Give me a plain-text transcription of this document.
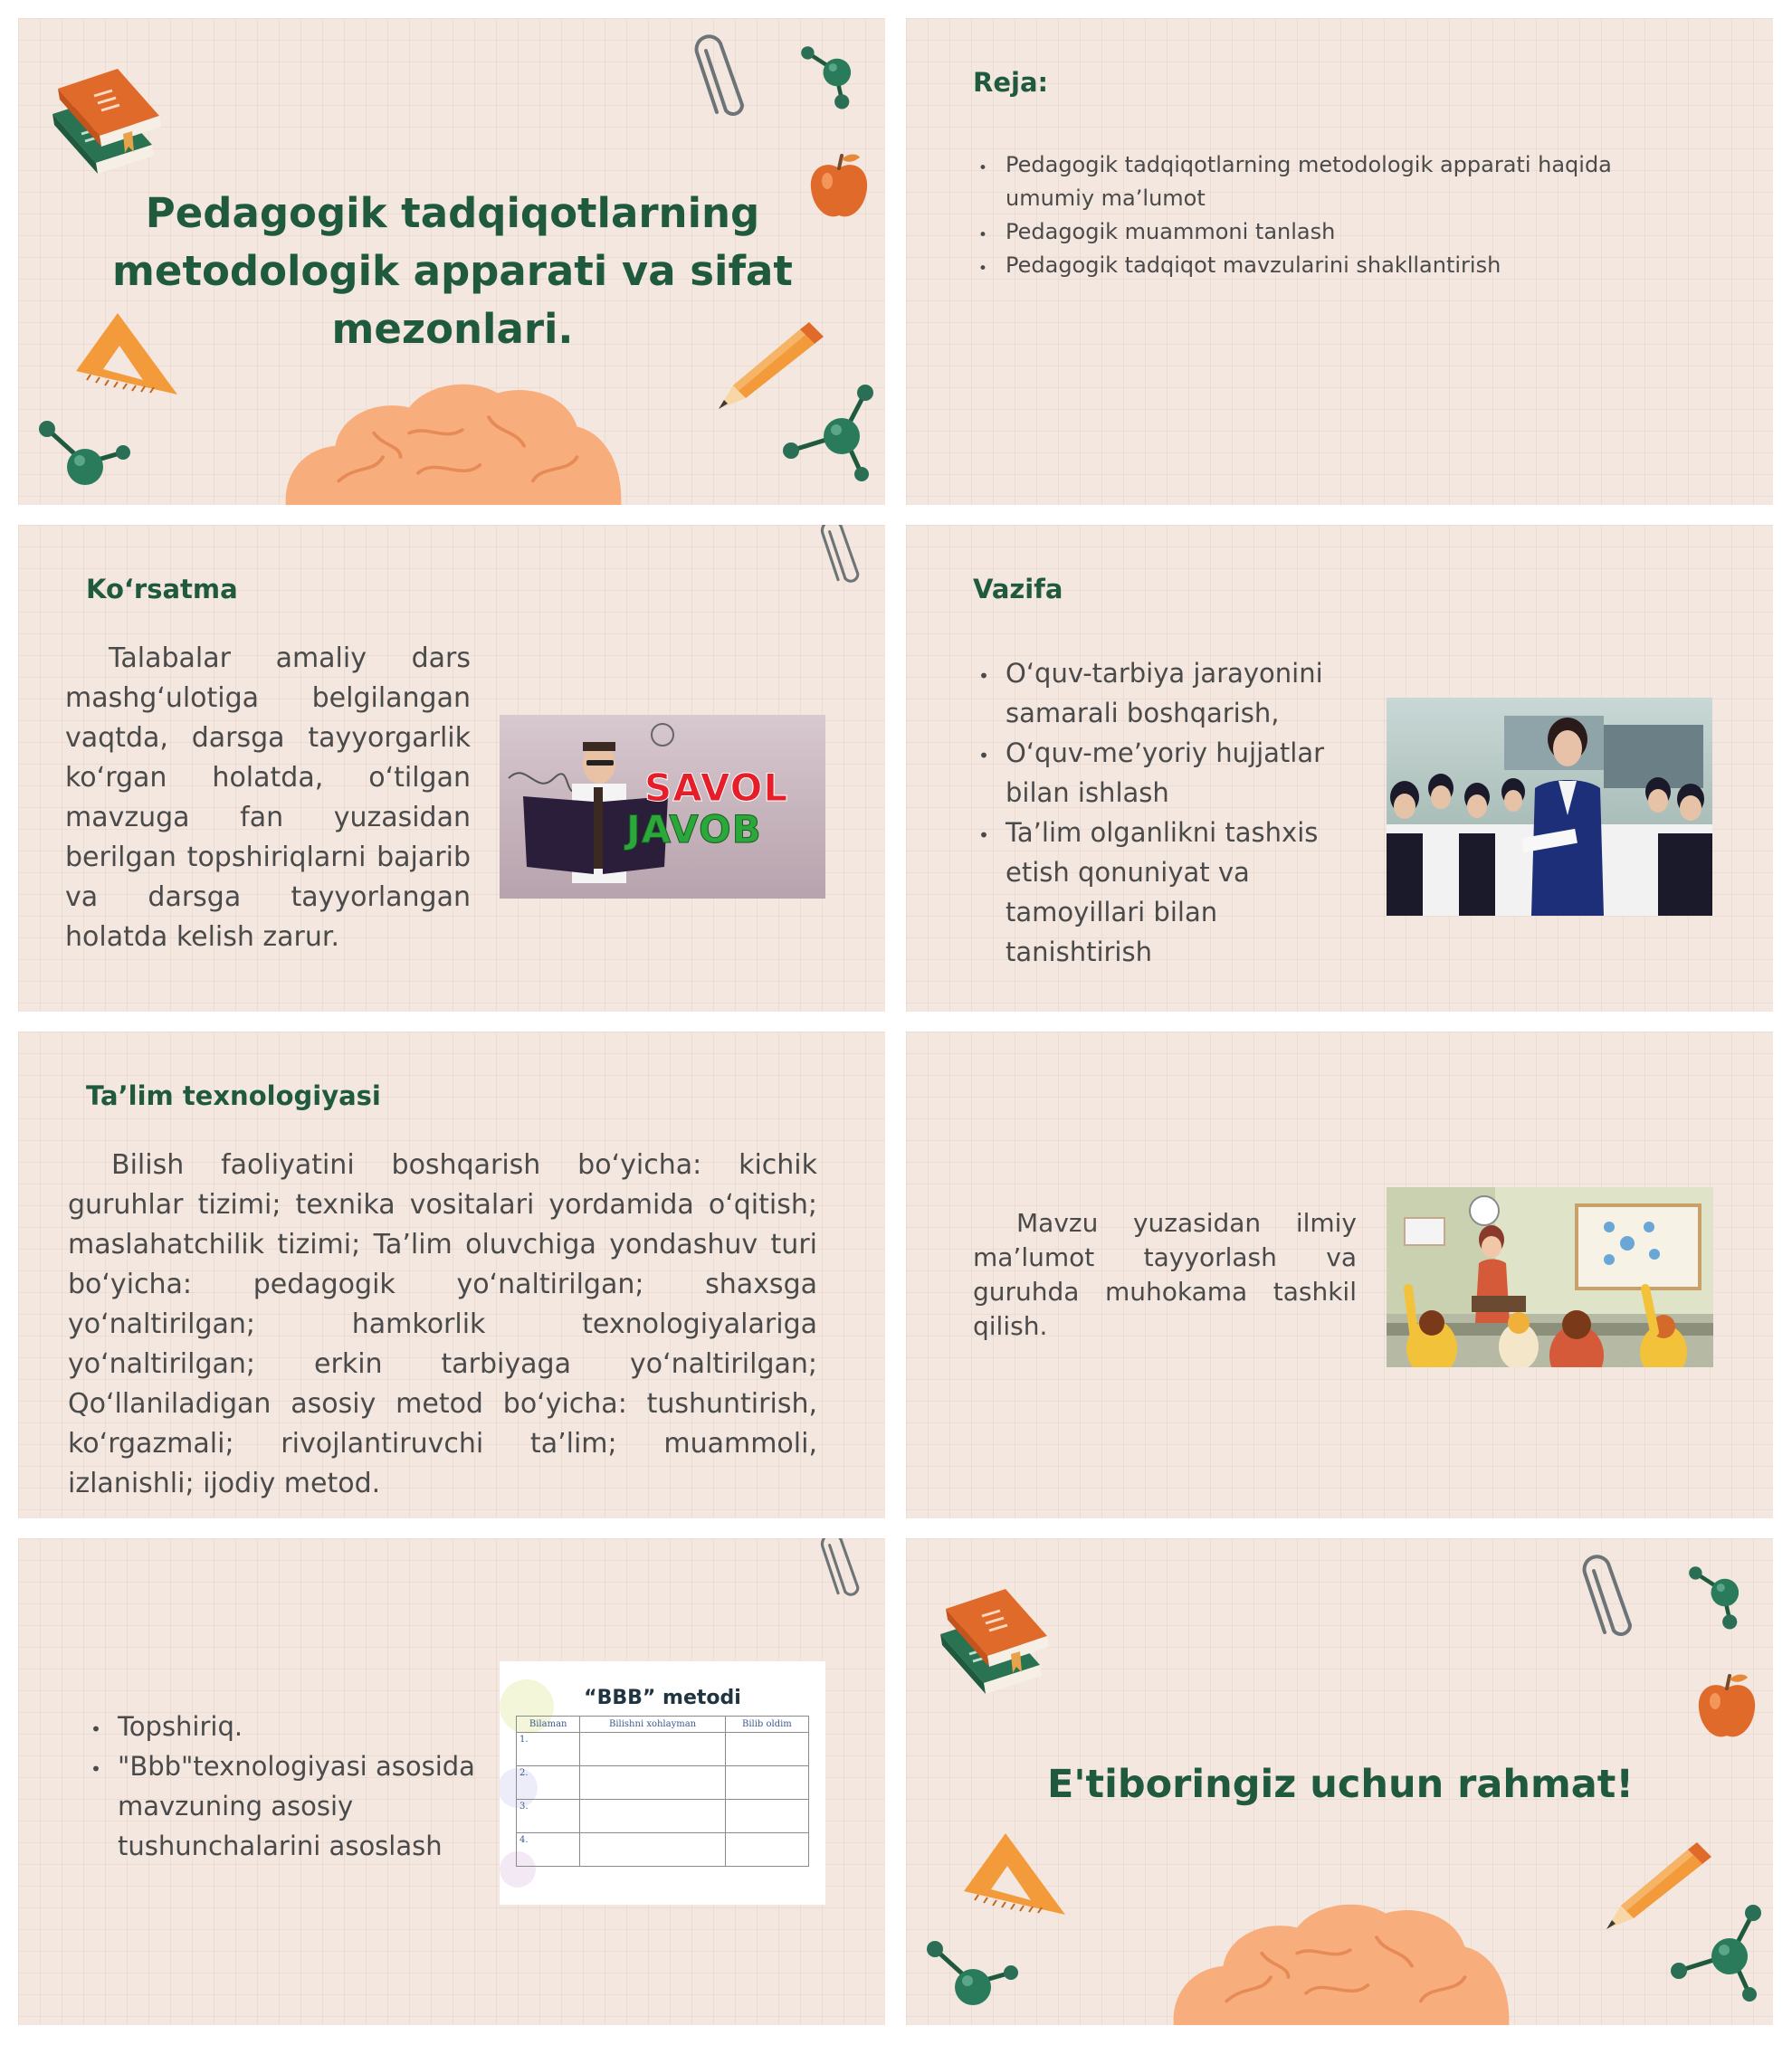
Pedagogik tadqiqotlarning metodologik apparati va sifat mezonlari.
Reja:
• Pedagogik tadqiqotlarning metodologik apparati haqida umumiy ma’lumot
• Pedagogik muammoni tanlash
• Pedagogik tadqiqot mavzularini shakllantirish
Ko‘rsatma
Talabalar amaliy dars mashg‘ulotiga belgilangan vaqtda, darsga tayyorgarlik ko‘rgan holatda, o‘tilgan mavzuga fan yuzasidan berilgan topshiriqlarni bajarib va darsga tayyorlangan holatda kelish zarur.
SAVOL
JAVOB
Vazifa
• O‘quv-tarbiya jarayonini samarali boshqarish,
• O‘quv-me’yoriy hujjatlar bilan ishlash
• Ta’lim olganlikni tashxis etish qonuniyat va tamoyillari bilan tanishtirish
Ta’lim texnologiyasi
Bilish faoliyatini boshqarish bo‘yicha: kichik guruhlar tizimi; texnika vositalari yordamida o‘qitish; maslahatchilik tizimi; Ta’lim oluvchiga yondashuv turi bo‘yicha: pedagogik yo‘naltirilgan; shaxsga yo‘naltirilgan; hamkorlik texnologiyalariga yo‘naltirilgan; erkin tarbiyaga yo‘naltirilgan; Qo‘llaniladigan asosiy metod bo‘yicha: tushuntirish, ko‘rgazmali; rivojlantiruvchi ta’lim; muammoli, izlanishli; ijodiy metod.
Mavzu yuzasidan ilmiy ma’lumot tayyorlash va guruhda muhokama tashkil qilish.
• Topshiriq.
• "Bbb"texnologiyasi asosida mavzuning asosiy tushunchalarini asoslash
“BBB” metodi
Bilaman	Bilishni xohlayman	Bilib oldim
1.		
2.		
3.		
4.		
E'tiboringiz uchun rahmat!
